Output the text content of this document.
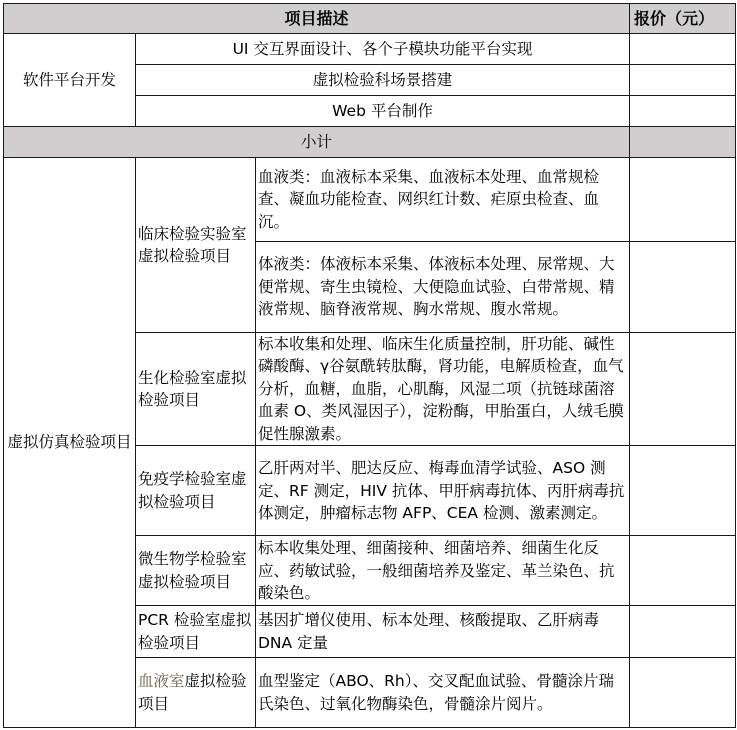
项目描述			报价（元）
软件平台开发	UI 交互界面设计、各个子模块功能平台实现		
	虚拟检验科场景搭建		
	Web 平台制作		
小计			
虚拟仿真检验项目	临床检验实验室虚拟检验项目	血液类：血液标本采集、血液标本处理、血常规检查、凝血功能检查、网织红计数、疟原虫检查、血沉。	
		体液类：体液标本采集、体液标本处理、尿常规、大便常规、寄生虫镜检、大便隐血试验、白带常规、精液常规、脑脊液常规、胸水常规、腹水常规。	
	生化检验室虚拟检验项目	标本收集和处理、临床生化质量控制，肝功能、碱性磷酸酶、γ谷氨酰转肽酶，肾功能，电解质检查，血气分析，血糖，血脂，心肌酶，风湿二项（抗链球菌溶血素 O、类风湿因子），淀粉酶，甲胎蛋白，人绒毛膜促性腺激素。	
	免疫学检验室虚拟检验项目	乙肝两对半、肥达反应、梅毒血清学试验、ASO 测定、RF 测定，HIV 抗体、甲肝病毒抗体、丙肝病毒抗体测定，肿瘤标志物 AFP、CEA 检测、激素测定。	
	微生物学检验室虚拟检验项目	标本收集处理、细菌接种、细菌培养、细菌生化反应、药敏试验，一般细菌培养及鉴定、革兰染色、抗酸染色。	
	PCR 检验室虚拟检验项目	基因扩增仪使用、标本处理、核酸提取、乙肝病毒 DNA 定量	
	血液室虚拟检验项目	血型鉴定（ABO、Rh）、交叉配血试验、骨髓涂片瑞氏染色、过氧化物酶染色，骨髓涂片阅片。	
